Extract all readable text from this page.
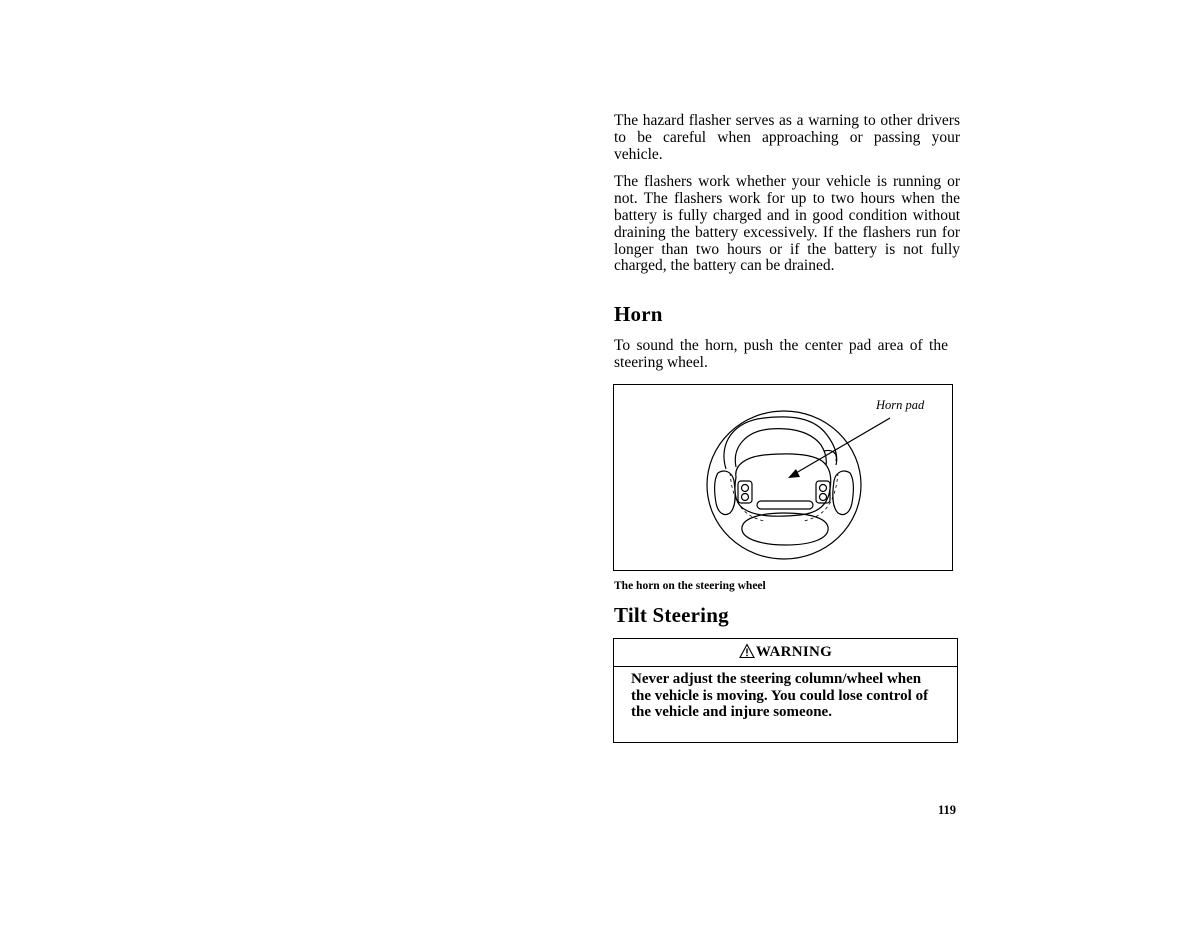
The hazard flasher serves as a warning to other drivers to be careful when approaching or passing your vehicle.

The flashers work whether your vehicle is running or not. The flashers work for up to two hours when the battery is fully charged and in good condition without draining the battery excessively. If the flashers run for longer than two hours or if the battery is not fully charged, the battery can be drained.

Horn

To sound the horn, push the center pad area of the steering wheel.

Horn pad
The horn on the steering wheel
Tilt Steering
WARNING
Never adjust the steering column/wheel when the vehicle is moving. You could lose control of the vehicle and injure someone.
119
